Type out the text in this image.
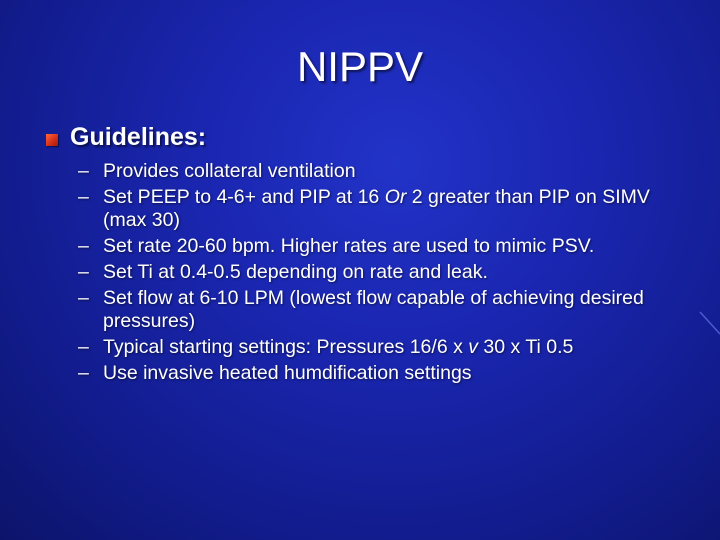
NIPPV
Guidelines:
– Provides collateral ventilation
– Set PEEP to 4-6+ and PIP at 16 Or 2 greater than PIP on SIMV (max 30)
– Set rate 20-60 bpm. Higher rates are used to mimic PSV.
– Set Ti at 0.4-0.5 depending on rate and leak.
– Set flow at 6-10 LPM (lowest flow capable of achieving desired pressures)
– Typical starting settings: Pressures 16/6 x v 30 x Ti 0.5
– Use invasive heated humdification settings
